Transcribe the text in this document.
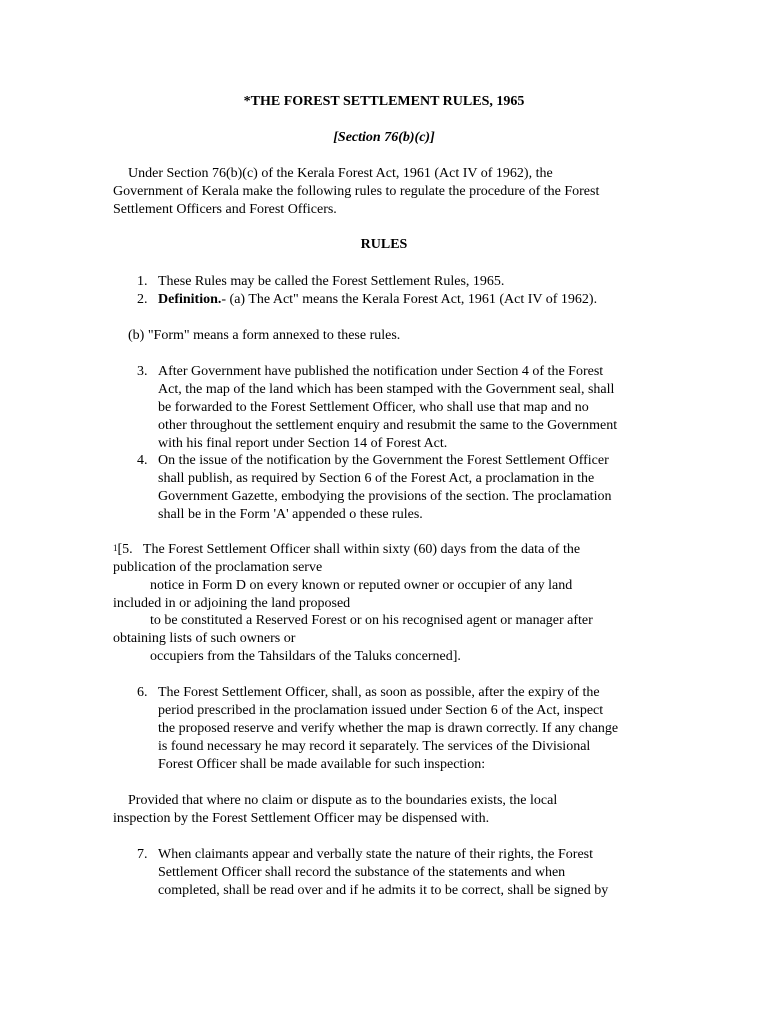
*THE FOREST SETTLEMENT RULES, 1965
[Section 76(b)(c)]
Under Section 76(b)(c) of the Kerala Forest Act, 1961 (Act IV of 1962), the
Government of Kerala make the following rules to regulate the procedure of the Forest
Settlement Officers and Forest Officers.
RULES
1. These Rules may be called the Forest Settlement Rules, 1965.
2. Definition.- (a) The Act" means the Kerala Forest Act, 1961 (Act IV of 1962).
(b) "Form" means a form annexed to these rules.
3. After Government have published the notification under Section 4 of the Forest
Act, the map of the land which has been stamped with the Government seal, shall
be forwarded to the Forest Settlement Officer, who shall use that map and no
other throughout the settlement enquiry and resubmit the same to the Government
with his final report under Section 14 of Forest Act.
4. On the issue of the notification by the Government the Forest Settlement Officer
shall publish, as required by Section 6 of the Forest Act, a proclamation in the
Government Gazette, embodying the provisions of the section. The proclamation
shall be in the Form 'A' appended o these rules.
$^1$[5.   The Forest Settlement Officer shall within sixty (60) days from the data of the
publication of the proclamation serve
notice in Form D on every known or reputed owner or occupier of any land
included in or adjoining the land proposed
to be constituted a Reserved Forest or on his recognised agent or manager after
obtaining lists of such owners or
occupiers from the Tahsildars of the Taluks concerned].
6. The Forest Settlement Officer, shall, as soon as possible, after the expiry of the
period prescribed in the proclamation issued under Section 6 of the Act, inspect
the proposed reserve and verify whether the map is drawn correctly. If any change
is found necessary he may record it separately. The services of the Divisional
Forest Officer shall be made available for such inspection:
Provided that where no claim or dispute as to the boundaries exists, the local
inspection by the Forest Settlement Officer may be dispensed with.
7. When claimants appear and verbally state the nature of their rights, the Forest
Settlement Officer shall record the substance of the statements and when
completed, shall be read over and if he admits it to be correct, shall be signed by
